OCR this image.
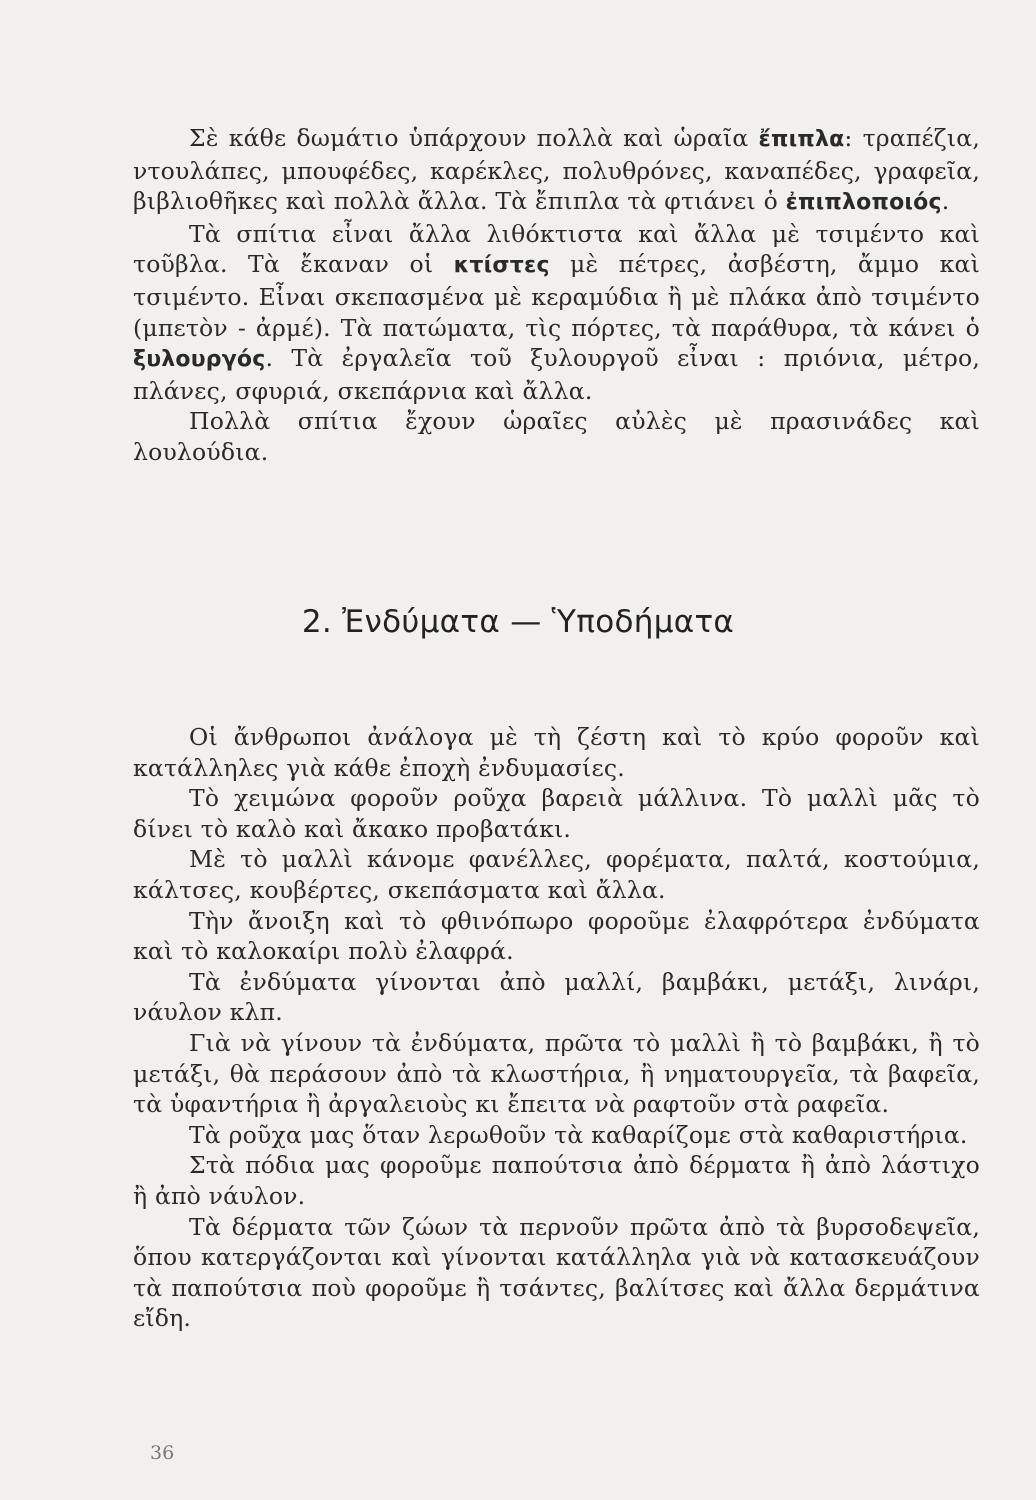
Σὲ κάθε δωμάτιο ὑπάρχουν πολλὰ καὶ ὡραῖα ἔπιπλα: τραπέζια, ντουλάπες, μπουφέδες, καρέκλες, πολυθρόνες, καναπέδες, γραφεῖα, βιβλιοθῆκες καὶ πολλὰ ἄλλα. Τὰ ἔπιπλα τὰ φτιάνει ὁ ἐπιπλοποιός.

Τὰ σπίτια εἶναι ἄλλα λιθόκτιστα καὶ ἄλλα μὲ τσιμέντο καὶ τοῦβλα. Τὰ ἔκαναν οἱ κτίστες μὲ πέτρες, ἀσβέστη, ἄμμο καὶ τσιμέντο. Εἶναι σκεπασμένα μὲ κεραμύδια ἢ μὲ πλάκα ἀπὸ τσιμέντο (μπετὸν - ἀρμέ). Τὰ πατώματα, τὶς πόρτες, τὰ παράθυρα, τὰ κάνει ὁ ξυλουργός. Τὰ ἐργαλεῖα τοῦ ξυλουργοῦ εἶναι : πριόνια, μέτρο, πλάνες, σφυριά, σκεπάρνια καὶ ἄλλα.

Πολλὰ σπίτια ἔχουν ὡραῖες αὐλὲς μὲ πρασινάδες καὶ λουλούδια.

2. Ἐνδύματα — Ὑποδήματα

Οἱ ἄνθρωποι ἀνάλογα μὲ τὴ ζέστη καὶ τὸ κρύο φοροῦν καὶ κατάλληλες γιὰ κάθε ἐποχὴ ἐνδυμασίες.

Τὸ χειμώνα φοροῦν ροῦχα βαρειὰ μάλλινα. Τὸ μαλλὶ μᾶς τὸ δίνει τὸ καλὸ καὶ ἄκακο προβατάκι.

Μὲ τὸ μαλλὶ κάνομε φανέλλες, φορέματα, παλτά, κοστούμια, κάλτσες, κουβέρτες, σκεπάσματα καὶ ἄλλα.

Τὴν ἄνοιξη καὶ τὸ φθινόπωρο φοροῦμε ἐλαφρότερα ἐνδύματα καὶ τὸ καλοκαίρι πολὺ ἐλαφρά.

Τὰ ἐνδύματα γίνονται ἀπὸ μαλλί, βαμβάκι, μετάξι, λινάρι, νάυλον κλπ.

Γιὰ νὰ γίνουν τὰ ἐνδύματα, πρῶτα τὸ μαλλὶ ἢ τὸ βαμβάκι, ἢ τὸ μετάξι, θὰ περάσουν ἀπὸ τὰ κλωστήρια, ἢ νηματουργεῖα, τὰ βαφεῖα, τὰ ὑφαντήρια ἢ ἀργαλειοὺς κι ἔπειτα νὰ ραφτοῦν στὰ ραφεῖα.

Τὰ ροῦχα μας ὅταν λερωθοῦν τὰ καθαρίζομε στὰ καθαριστήρια.

Στὰ πόδια μας φοροῦμε παπούτσια ἀπὸ δέρματα ἢ ἀπὸ λάστιχο ἢ ἀπὸ νάυλον.

Τὰ δέρματα τῶν ζώων τὰ περνοῦν πρῶτα ἀπὸ τὰ βυρσοδεψεῖα, ὅπου κατεργάζονται καὶ γίνονται κατάλληλα γιὰ νὰ κατασκευάζουν τὰ παπούτσια ποὺ φοροῦμε ἢ τσάντες, βαλίτσες καὶ ἄλλα δερμάτινα εἴδη.

36
